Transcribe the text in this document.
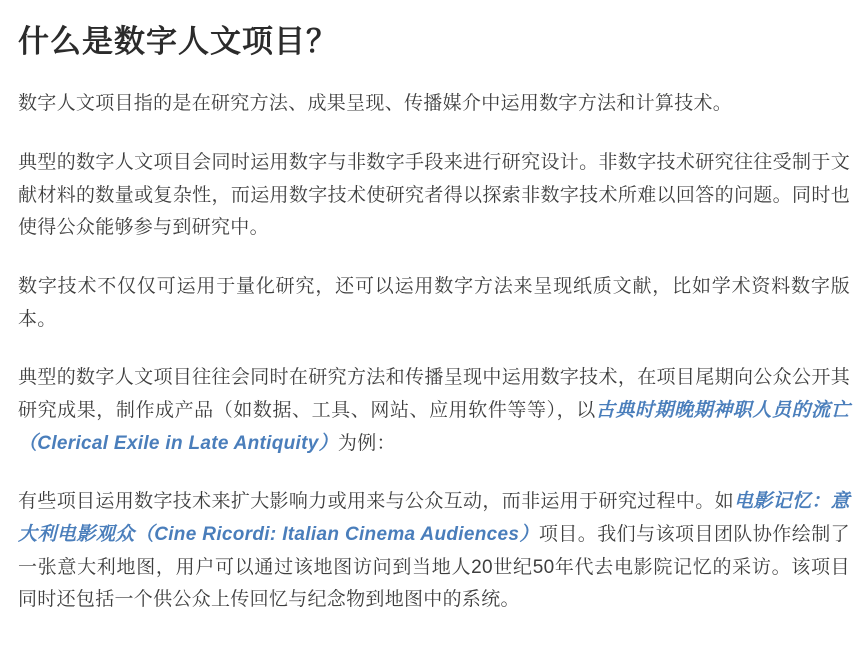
什么是数字人文项目？

数字人文项目指的是在研究方法、成果呈现、传播媒介中运用数字方法和计算技术。

典型的数字人文项目会同时运用数字与非数字手段来进行研究设计。非数字技术研究往往受制于文献材料的数量或复杂性，而运用数字技术使研究者得以探索非数字技术所难以回答的问题。同时也使得公众能够参与到研究中。

数字技术不仅仅可运用于量化研究，还可以运用数字方法来呈现纸质文献，比如学术资料数字版本。

典型的数字人文项目往往会同时在研究方法和传播呈现中运用数字技术，在项目尾期向公众公开其研究成果，制作成产品（如数据、工具、网站、应用软件等等），以古典时期晚期神职人员的流亡（Clerical Exile in Late Antiquity）为例：

有些项目运用数字技术来扩大影响力或用来与公众互动，而非运用于研究过程中。如电影记忆：意大利电影观众（Cine Ricordi: Italian Cinema Audiences）项目。我们与该项目团队协作绘制了一张意大利地图，用户可以通过该地图访问到当地人20世纪50年代去电影院记忆的采访。该项目同时还包括一个供公众上传回忆与纪念物到地图中的系统。
